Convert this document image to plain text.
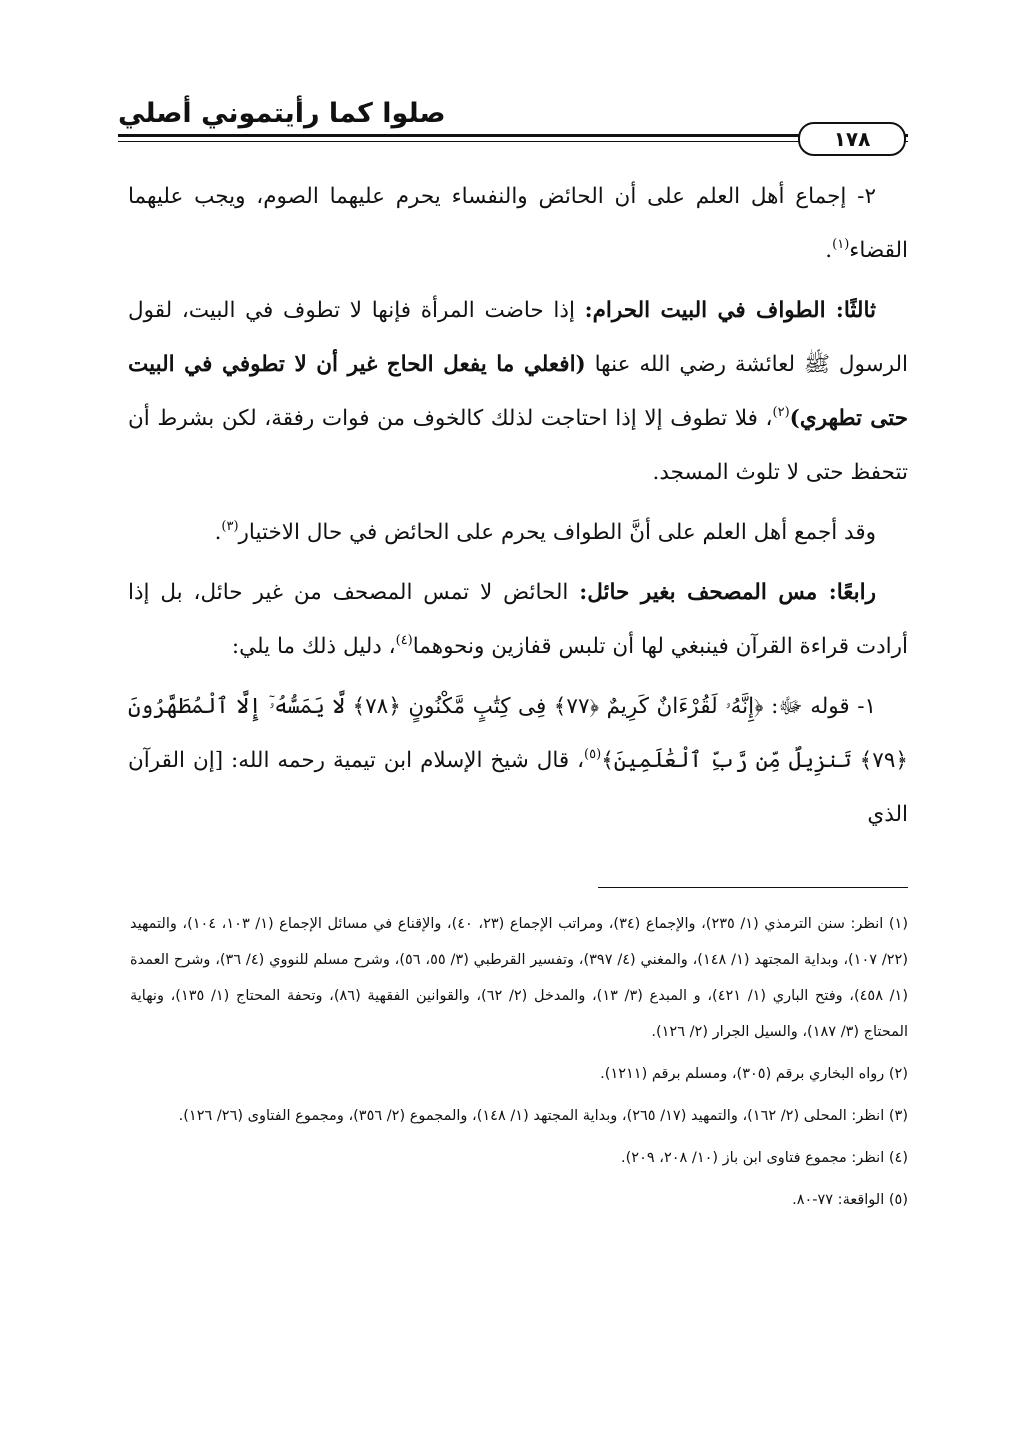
صلوا كما رأيتموني أصلي
١٧٨

٢- إجماع أهل العلم على أن الحائض والنفساء يحرم عليهما الصوم، ويجب عليهما القضاء$^{(١)}$.

ثالثًا: الطواف في البيت الحرام: إذا حاضت المرأة فإنها لا تطوف في البيت، لقول الرسول ﷺ لعائشة رضي الله عنها (افعلي ما يفعل الحاج غير أن لا تطوفي في البيت حتى تطهري)$^{(٢)}$، فلا تطوف إلا إذا احتاجت لذلك كالخوف من فوات رفقة، لكن بشرط أن تتحفظ حتى لا تلوث المسجد.

وقد أجمع أهل العلم على أنَّ الطواف يحرم على الحائض في حال الاختيار$^{(٣)}$.

رابعًا: مس المصحف بغير حائل: الحائض لا تمس المصحف من غير حائل، بل إذا أرادت قراءة القرآن فينبغي لها أن تلبس قفازين ونحوهما$^{(٤)}$، دليل ذلك ما يلي:

١- قوله ﷻ: ﴿إِنَّهُۥ لَقُرْءَانٌ كَرِيمٌ ﴿٧٧﴾ فِى كِتَٰبٍ مَّكْنُونٍ ﴿٧٨﴾ لَّا يَمَسُّهُۥٓ إِلَّا ٱلْمُطَهَّرُونَ ﴿٧٩﴾ تَنزِيلٌ مِّن رَّبِّ ٱلْعَٰلَمِينَ﴾$^{(٥)}$، قال شيخ الإسلام ابن تيمية رحمه الله: [إن القرآن الذي

(١) انظر: سنن الترمذي (١/ ٢٣٥)، والإجماع (٣٤)، ومراتب الإجماع (٢٣، ٤٠)، والإقناع في مسائل الإجماع (١/ ١٠٣، ١٠٤)، والتمهيد (٢٢/ ١٠٧)، وبداية المجتهد (١/ ١٤٨)، والمغني (٤/ ٣٩٧)، وتفسير القرطبي (٣/ ٥٥، ٥٦)، وشرح مسلم للنووي (٤/ ٣٦)، وشرح العمدة (١/ ٤٥٨)، وفتح الباري (١/ ٤٢١)، و المبدع (٣/ ١٣)، والمدخل (٢/ ٦٢)، والقوانين الفقهية (٨٦)، وتحفة المحتاج (١/ ١٣٥)، ونهاية المحتاج (٣/ ١٨٧)، والسيل الجرار (٢/ ١٢٦).
(٢) رواه البخاري برقم (٣٠٥)، ومسلم برقم (١٢١١).
(٣) انظر: المحلى (٢/ ١٦٢)، والتمهيد (١٧/ ٢٦٥)، وبداية المجتهد (١/ ١٤٨)، والمجموع (٢/ ٣٥٦)، ومجموع الفتاوى (٢٦/ ١٢٦).
(٤) انظر: مجموع فتاوى ابن باز (١٠/ ٢٠٨، ٢٠٩).
(٥) الواقعة: ٧٧-٨٠.
